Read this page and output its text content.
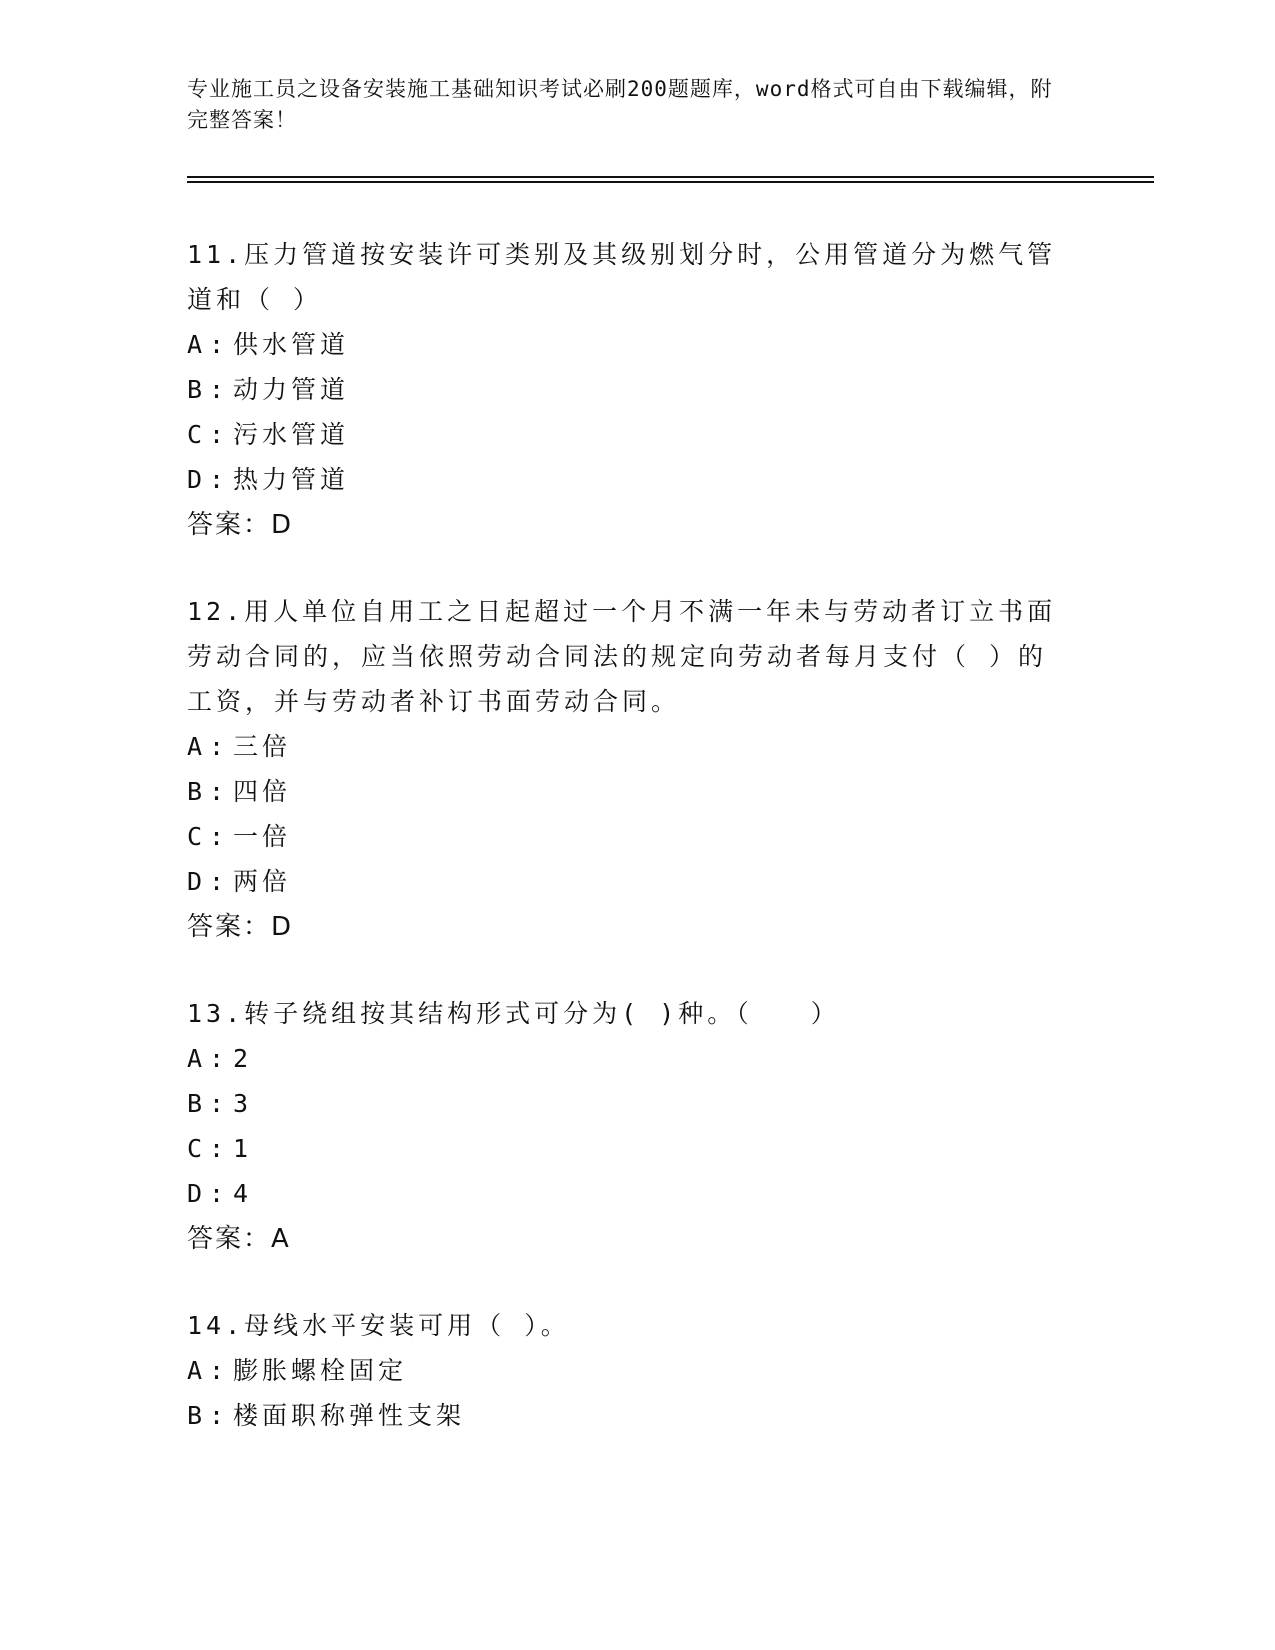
专业施工员之设备安装施工基础知识考试必刷200题题库，word格式可自由下载编辑，附完整答案！
11.压力管道按安装许可类别及其级别划分时，公用管道分为燃气管道和（ ）
A : 供水管道
B : 动力管道
C : 污水管道
D : 热力管道
答案：D
12.用人单位自用工之日起超过一个月不满一年未与劳动者订立书面劳动合同的，应当依照劳动合同法的规定向劳动者每月支付（ ）的工资，并与劳动者补订书面劳动合同。
A : 三倍
B : 四倍
C : 一倍
D : 两倍
答案：D
13.转子绕组按其结构形式可分为( )种。（　　）
A : 2
B : 3
C : 1
D : 4
答案：A
14.母线水平安装可用（ ）。
A : 膨胀螺栓固定
B : 楼面职称弹性支架
